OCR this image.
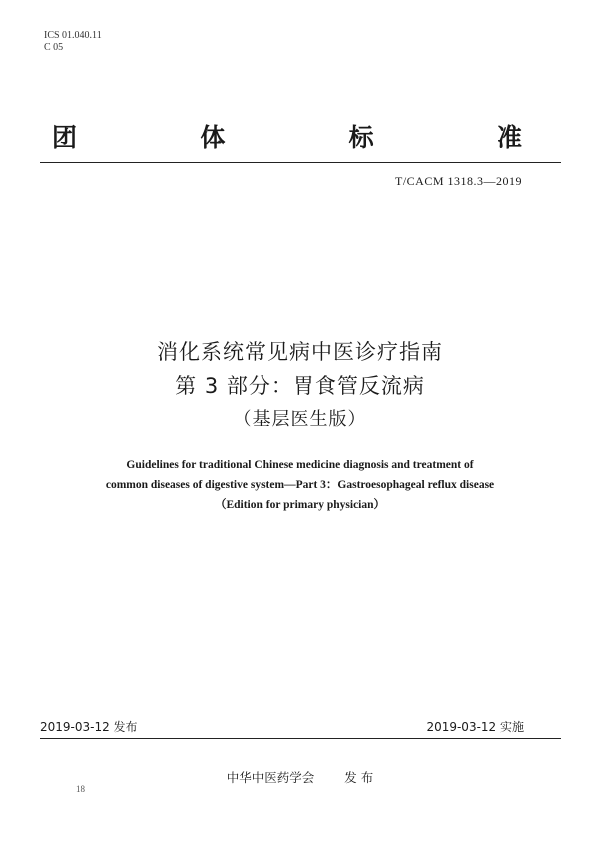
ICS 01.040.11
C 05
团	体	标	准
T/CACM 1318.3—2019
消化系统常见病中医诊疗指南
第 3 部分：胃食管反流病
（基层医生版）
Guidelines for traditional Chinese medicine diagnosis and treatment of
common diseases of digestive system—Part 3：Gastroesophageal reflux disease
（Edition for primary physician）
2019-03-12 发布	2019-03-12 实施
中华中医药学会 发 布
18
